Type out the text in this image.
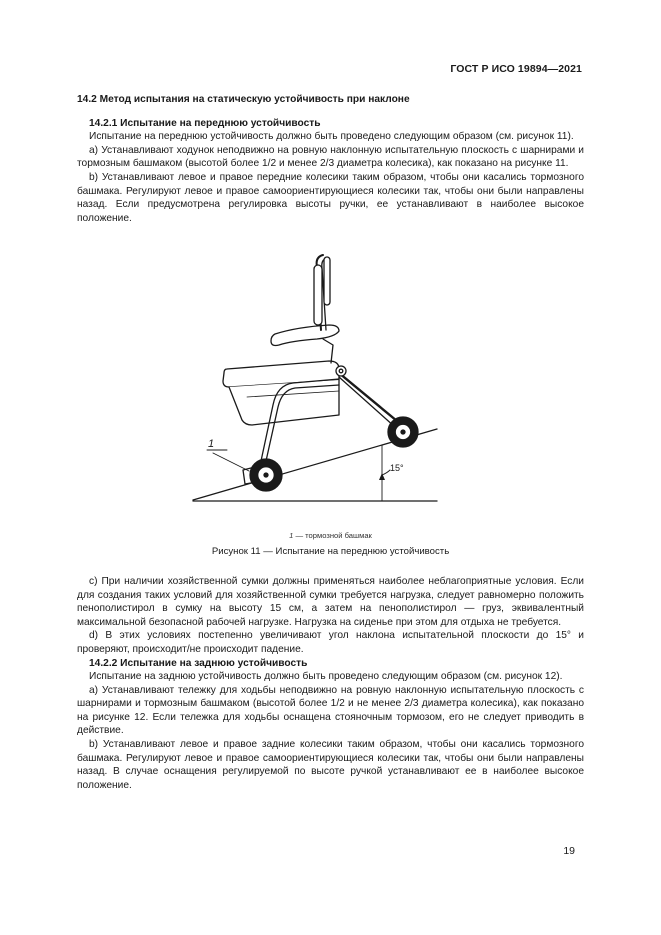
ГОСТ Р ИСО 19894—2021

14.2 Метод испытания на статическую устойчивость при наклоне

14.2.1 Испытание на переднюю устойчивость

Испытание на переднюю устойчивость должно быть проведено следующим образом (см. рисунок 11).

а) Устанавливают ходунок неподвижно на ровную наклонную испытательную плоскость с шарнирами и тормозным башмаком (высотой более 1/2 и менее 2/3 диаметра колесика), как показано на рисунке 11.

b) Устанавливают левое и правое передние колесики таким образом, чтобы они касались тормозного башмака. Регулируют левое и правое самоориентирующиеся колесики так, чтобы они были направлены назад. Если предусмотрена регулировка высоты ручки, ее устанавливают в наиболее высокое положение.

1
15°
1 — тормозной башмак

Рисунок 11 — Испытание на переднюю устойчивость

с) При наличии хозяйственной сумки должны применяться наиболее неблагоприятные условия. Если для создания таких условий для хозяйственной сумки требуется нагрузка, следует равномерно положить пенополистирол в сумку на высоту 15 см, а затем на пенополистирол — груз, эквивалентный максимальной безопасной рабочей нагрузке. Нагрузка на сиденье при этом для отдыха не требуется.

d) В этих условиях постепенно увеличивают угол наклона испытательной плоскости до 15° и проверяют, происходит/не происходит падение.

14.2.2 Испытание на заднюю устойчивость

Испытание на заднюю устойчивость должно быть проведено следующим образом (см. рисунок 12).

а) Устанавливают тележку для ходьбы неподвижно на ровную наклонную испытательную плоскость с шарнирами и тормозным башмаком (высотой более 1/2 и не менее 2/3 диаметра колесика), как показано на рисунке 12. Если тележка для ходьбы оснащена стояночным тормозом, его не следует приводить в действие.

b) Устанавливают левое и правое задние колесики таким образом, чтобы они касались тормозного башмака. Регулируют левое и правое самоориентирующиеся колесики так, чтобы они были направлены назад. В случае оснащения регулируемой по высоте ручкой устанавливают ее в наиболее высокое положение.

19
